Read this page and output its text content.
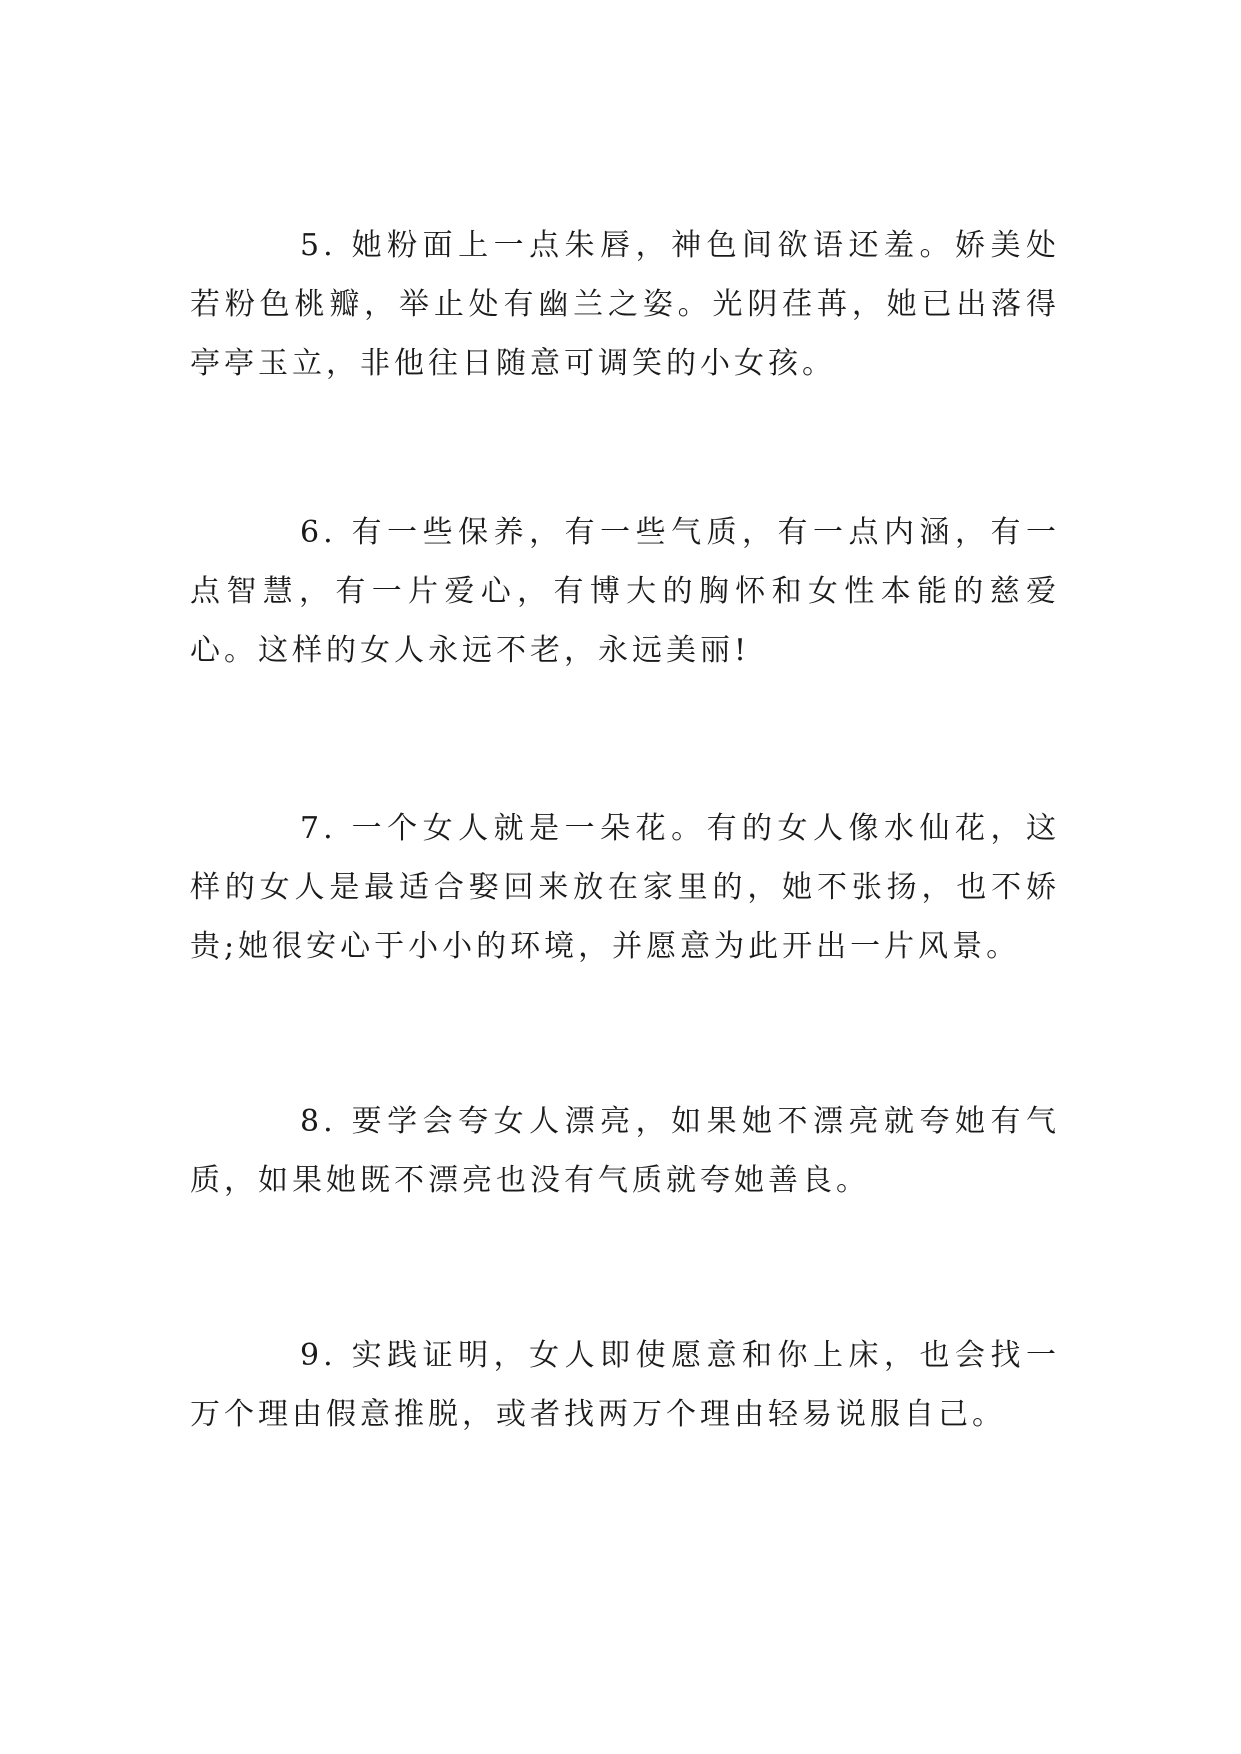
5. 她粉面上一点朱唇，神色间欲语还羞。娇美处若粉色桃瓣，举止处有幽兰之姿。光阴荏苒，她已出落得亭亭玉立，非他往日随意可调笑的小女孩。

6. 有一些保养，有一些气质，有一点内涵，有一点智慧，有一片爱心，有博大的胸怀和女性本能的慈爱心。这样的女人永远不老，永远美丽!

7. 一个女人就是一朵花。有的女人像水仙花，这样的女人是最适合娶回来放在家里的，她不张扬，也不娇贵;她很安心于小小的环境，并愿意为此开出一片风景。

8. 要学会夸女人漂亮，如果她不漂亮就夸她有气质，如果她既不漂亮也没有气质就夸她善良。

9. 实践证明，女人即使愿意和你上床，也会找一万个理由假意推脱，或者找两万个理由轻易说服自己。
